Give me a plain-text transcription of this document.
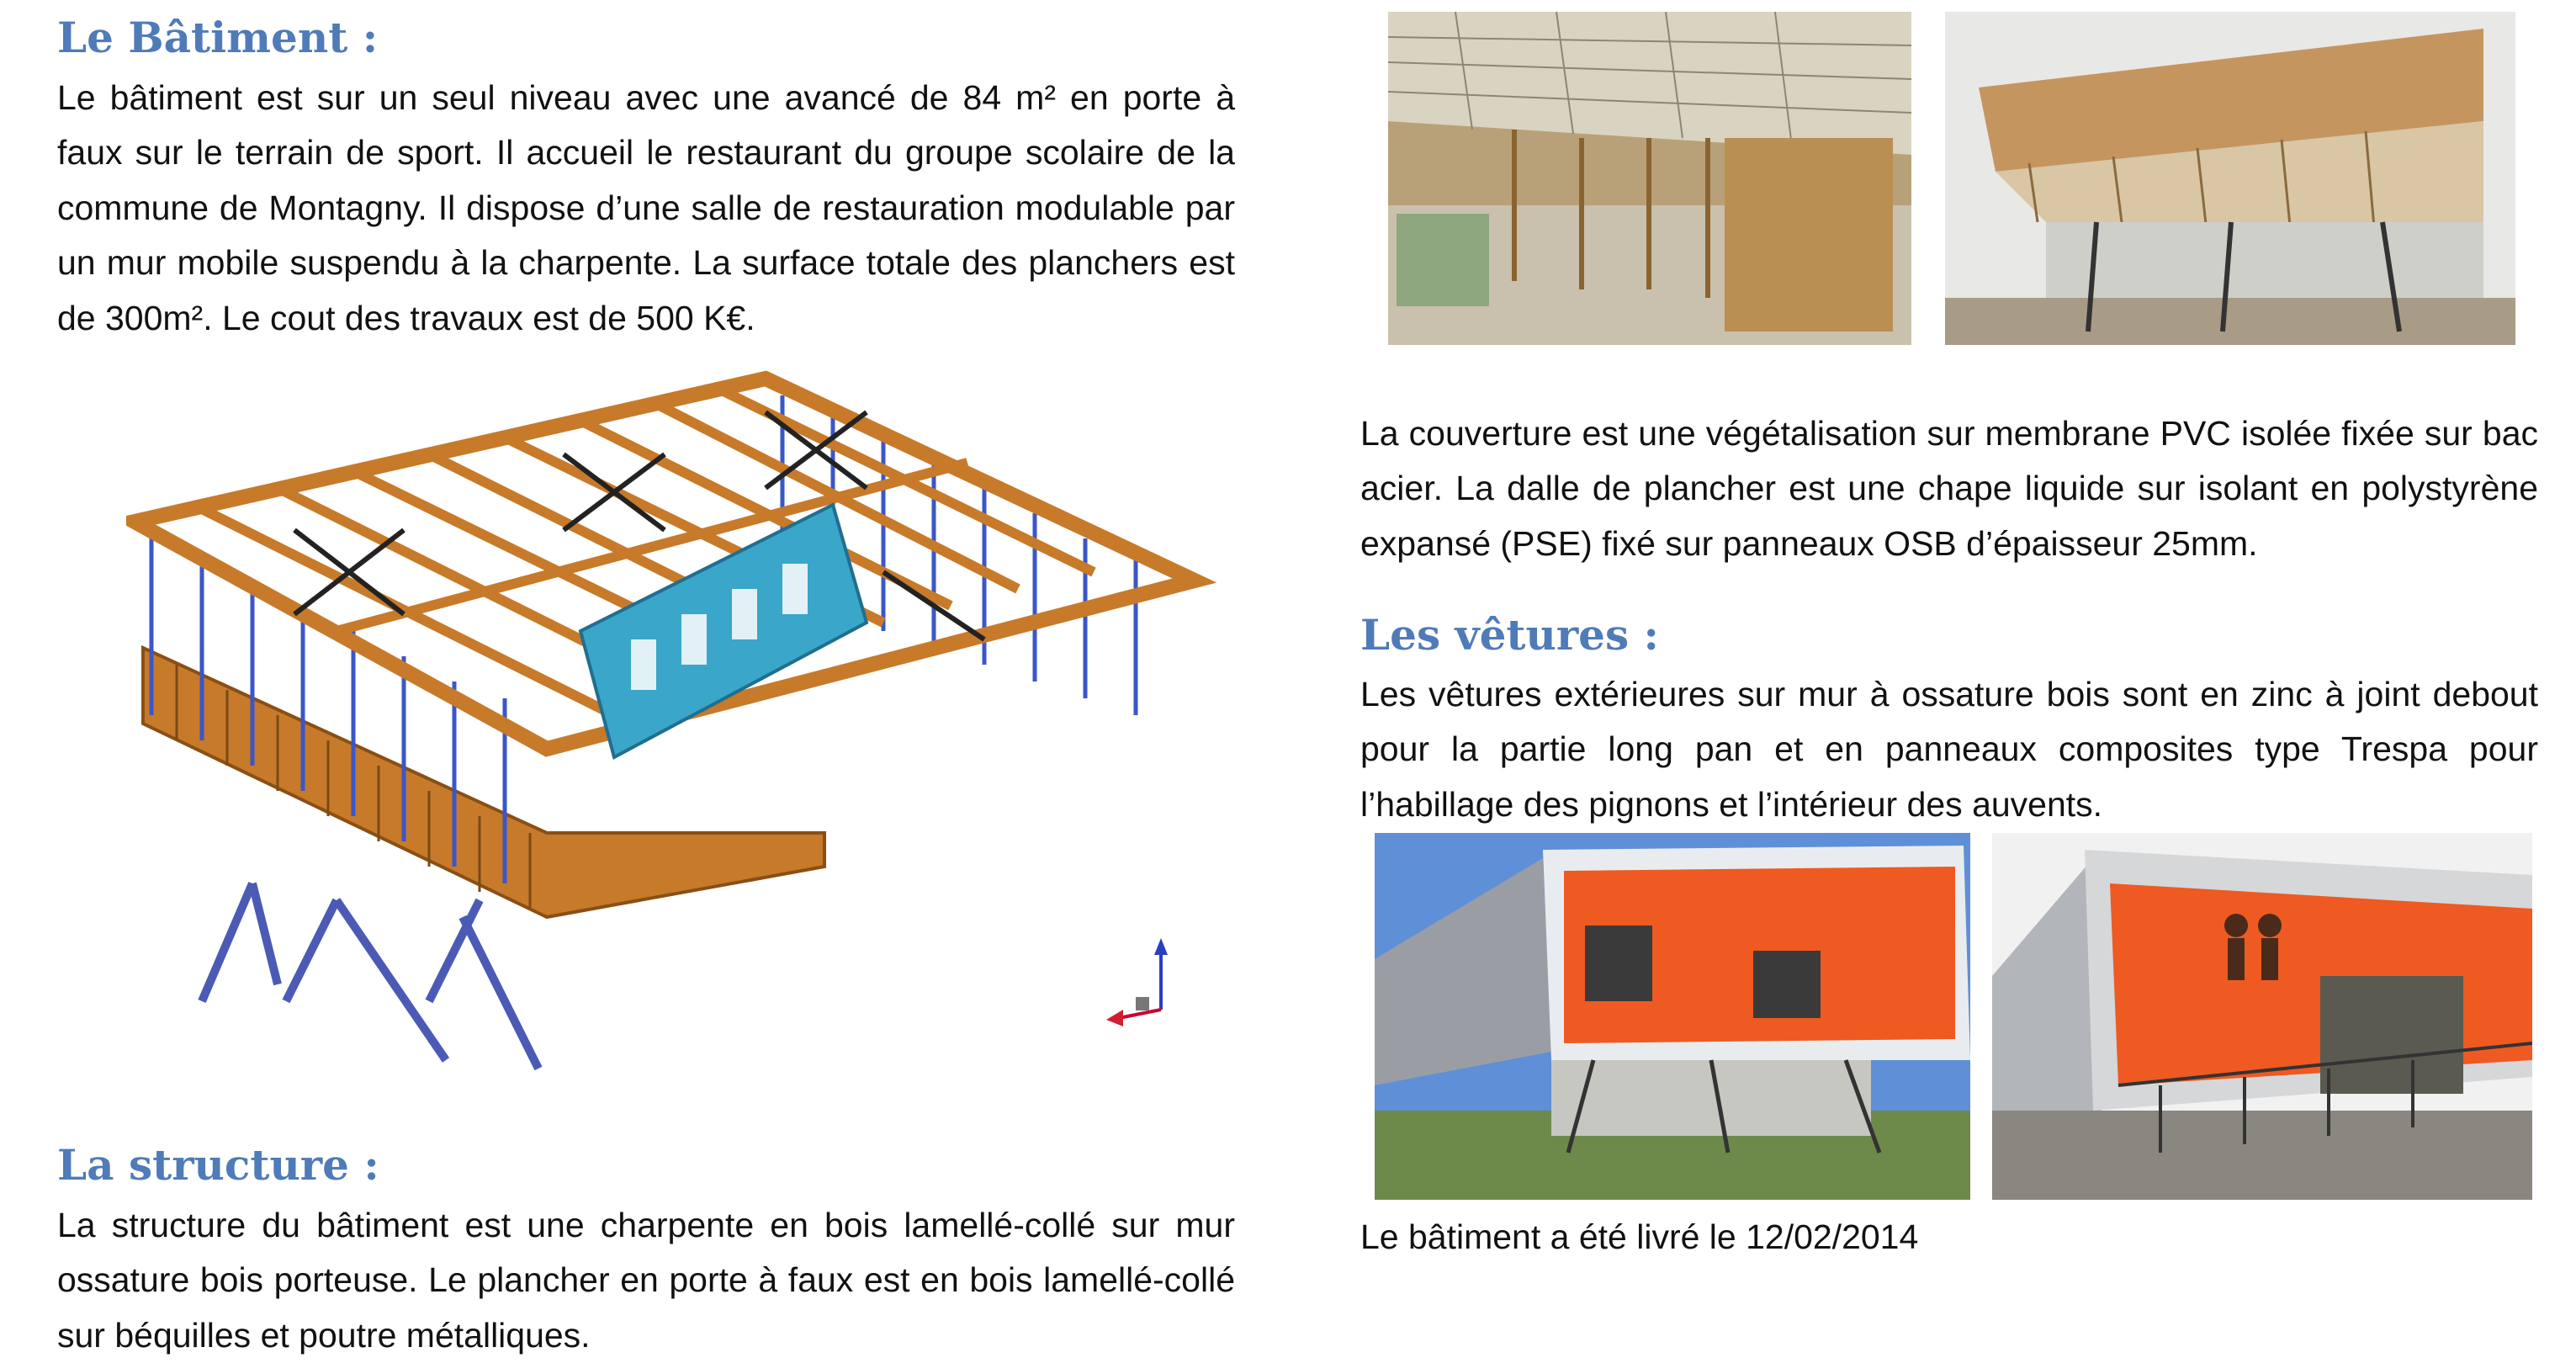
Le Bâtiment :

Le bâtiment est sur un seul niveau avec une avancé de 84 m² en porte à faux sur le terrain de sport. Il accueil le restaurant du groupe scolaire de la commune de Montagny. Il dispose d’une salle de restauration modulable par un mur mobile suspendu à la charpente. La surface totale des planchers est de 300m². Le cout des travaux est de 500 K€.

La structure :

La structure du bâtiment est une charpente en bois lamellé-collé sur mur ossature bois porteuse. Le plancher en porte à faux est en bois lamellé-collé sur béquilles et poutre métalliques.

La couverture est une végétalisation sur membrane PVC isolée fixée sur bac acier. La dalle de plancher est une chape liquide sur isolant en polystyrène expansé (PSE) fixé sur panneaux OSB d’épaisseur 25mm.

Les vêtures :

Les vêtures extérieures sur mur à ossature bois sont en zinc à joint debout pour la partie long pan et en panneaux composites type Trespa pour l’habillage des pignons et l’intérieur des auvents.

Le bâtiment a été livré le 12/02/2014
